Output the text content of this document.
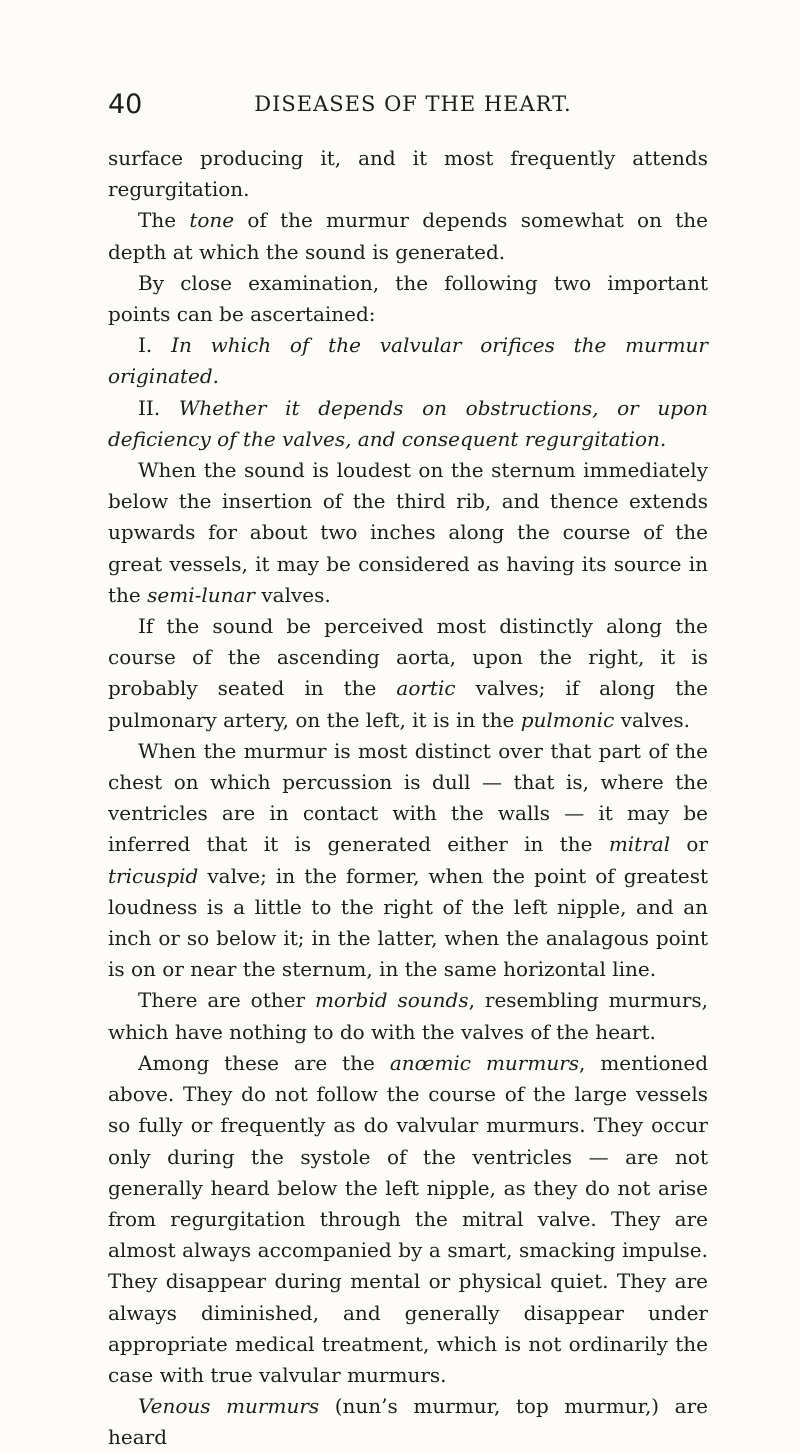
40	DISEASES OF THE HEART.

surface producing it, and it most frequently attends regurgitation.

The tone of the murmur depends somewhat on the depth at which the sound is generated.

By close examination, the following two important points can be ascertained:

I. In which of the valvular orifices the murmur originated.

II. Whether it depends on obstructions, or upon deficiency of the valves, and consequent regurgitation.

When the sound is loudest on the sternum immediately below the insertion of the third rib, and thence extends upwards for about two inches along the course of the great vessels, it may be considered as having its source in the semi-lunar valves.

If the sound be perceived most distinctly along the course of the ascending aorta, upon the right, it is probably seated in the aortic valves; if along the pulmonary artery, on the left, it is in the pulmonic valves.

When the murmur is most distinct over that part of the chest on which percussion is dull — that is, where the ventricles are in contact with the walls — it may be inferred that it is generated either in the mitral or tricuspid valve; in the former, when the point of greatest loudness is a little to the right of the left nipple, and an inch or so below it; in the latter, when the analagous point is on or near the sternum, in the same horizontal line.

There are other morbid sounds, resembling murmurs, which have nothing to do with the valves of the heart.

Among these are the anœmic murmurs, mentioned above. They do not follow the course of the large vessels so fully or frequently as do valvular murmurs. They occur only during the systole of the ventricles — are not generally heard below the left nipple, as they do not arise from regurgitation through the mitral valve. They are almost always accompanied by a smart, smacking impulse. They disappear during mental or physical quiet. They are always diminished, and generally disappear under appropriate medical treatment, which is not ordinarily the case with true valvular murmurs.

Venous murmurs (nun’s murmur, top murmur,) are heard
